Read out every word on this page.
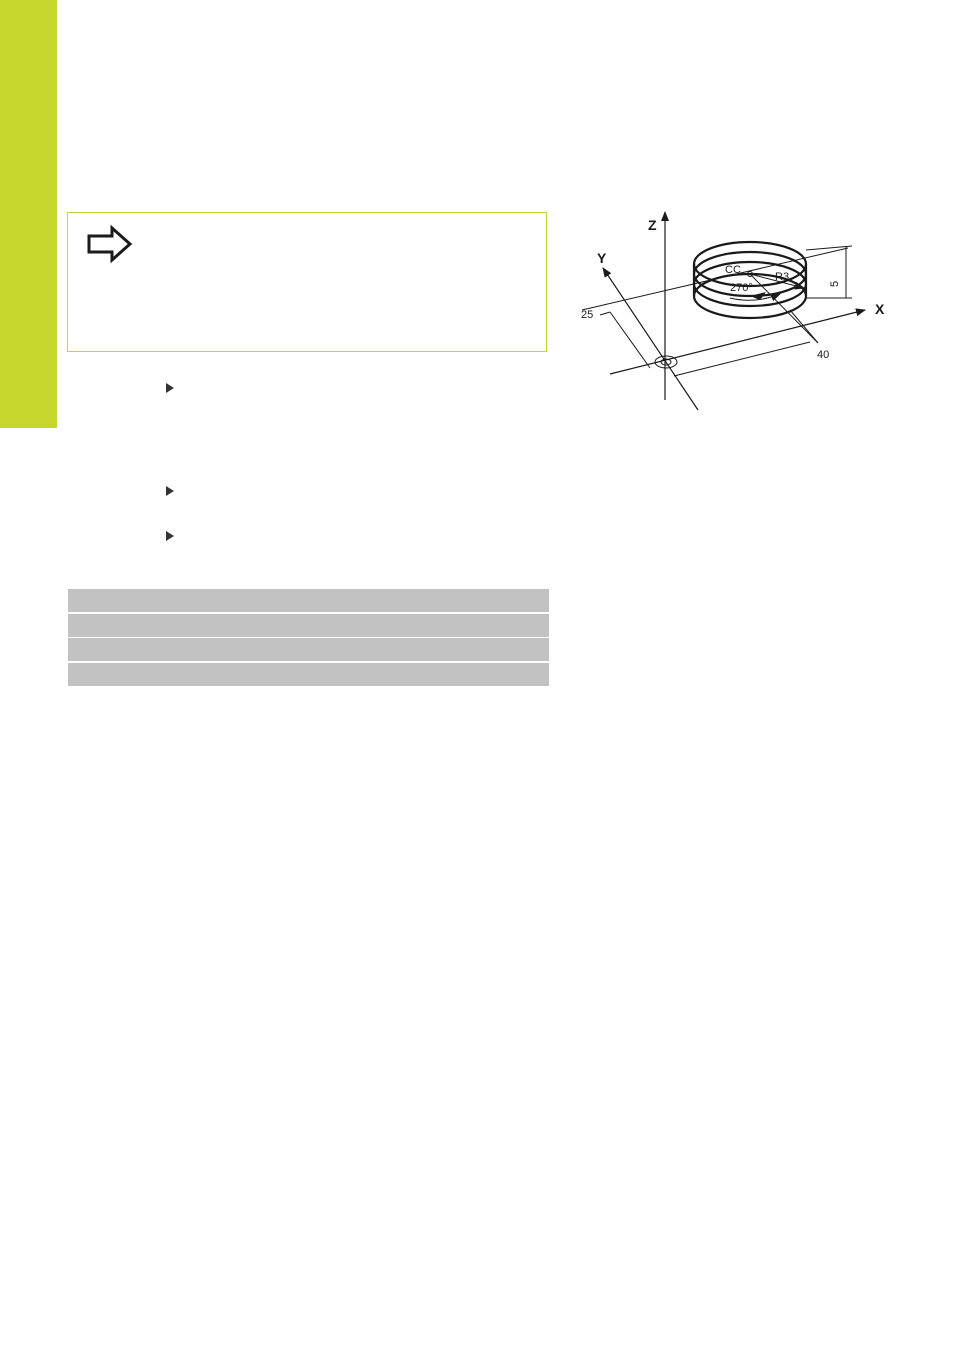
25
40
5
Z
Y
X
CC
R3
270°
